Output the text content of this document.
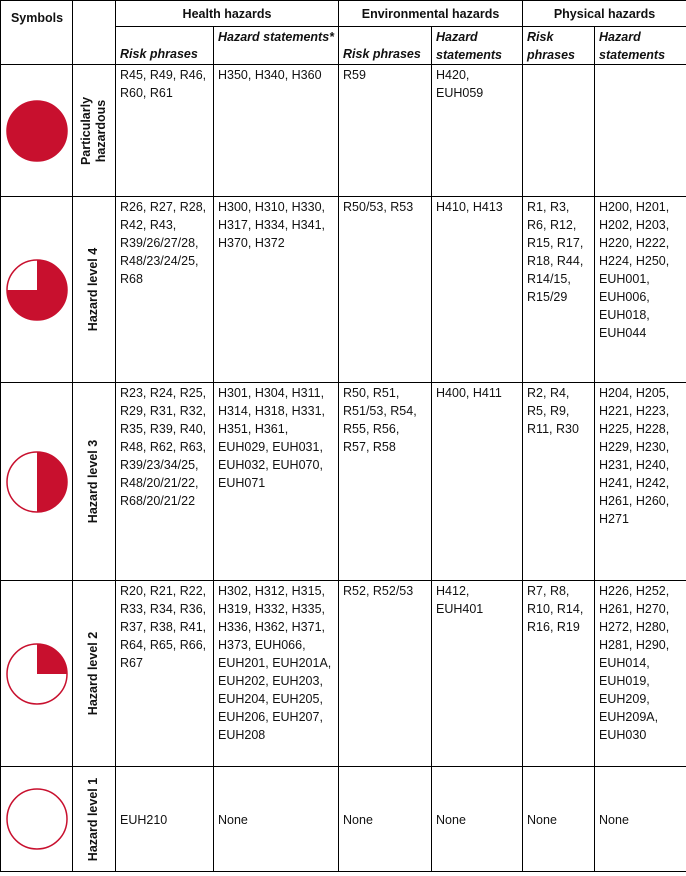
Symbols		Health hazards		Environmental hazards		Physical hazards	
		Risk phrases	Hazard statements*	Risk phrases	Hazard statements	Risk phrases	Hazard statements

Particularly hazardous	R45, R49, R46, R60, R61	H350, H340, H360	R59	H420, EUH059		

Hazard level 4	R26, R27, R28, R42, R43, R39/26/27/28, R48/23/24/25, R68	H300, H310, H330, H317, H334, H341, H370, H372	R50/53, R53	H410, H413	R1, R3, R6, R12, R15, R17, R18, R44, R14/15, R15/29	H200, H201, H202, H203, H220, H222, H224, H250, EUH001, EUH006, EUH018, EUH044

Hazard level 3	R23, R24, R25, R29, R31, R32, R35, R39, R40, R48, R62, R63, R39/23/34/25, R48/20/21/22, R68/20/21/22	H301, H304, H311, H314, H318, H331, H351, H361, EUH029, EUH031, EUH032, EUH070, EUH071	R50, R51, R51/53, R54, R55, R56, R57, R58	H400, H411	R2, R4, R5, R9, R11, R30	H204, H205, H221, H223, H225, H228, H229, H230, H231, H240, H241, H242, H261, H260, H271

Hazard level 2	R20, R21, R22, R33, R34, R36, R37, R38, R41, R64, R65, R66, R67	H302, H312, H315, H319, H332, H335, H336, H362, H371, H373, EUH066, EUH201, EUH201A, EUH202, EUH203, EUH204, EUH205, EUH206, EUH207, EUH208	R52, R52/53	H412, EUH401	R7, R8, R10, R14, R16, R19	H226, H252, H261, H270, H272, H280, H281, H290, EUH014, EUH019, EUH209, EUH209A, EUH030

Hazard level 1	EUH210	None	None	None	None	None
